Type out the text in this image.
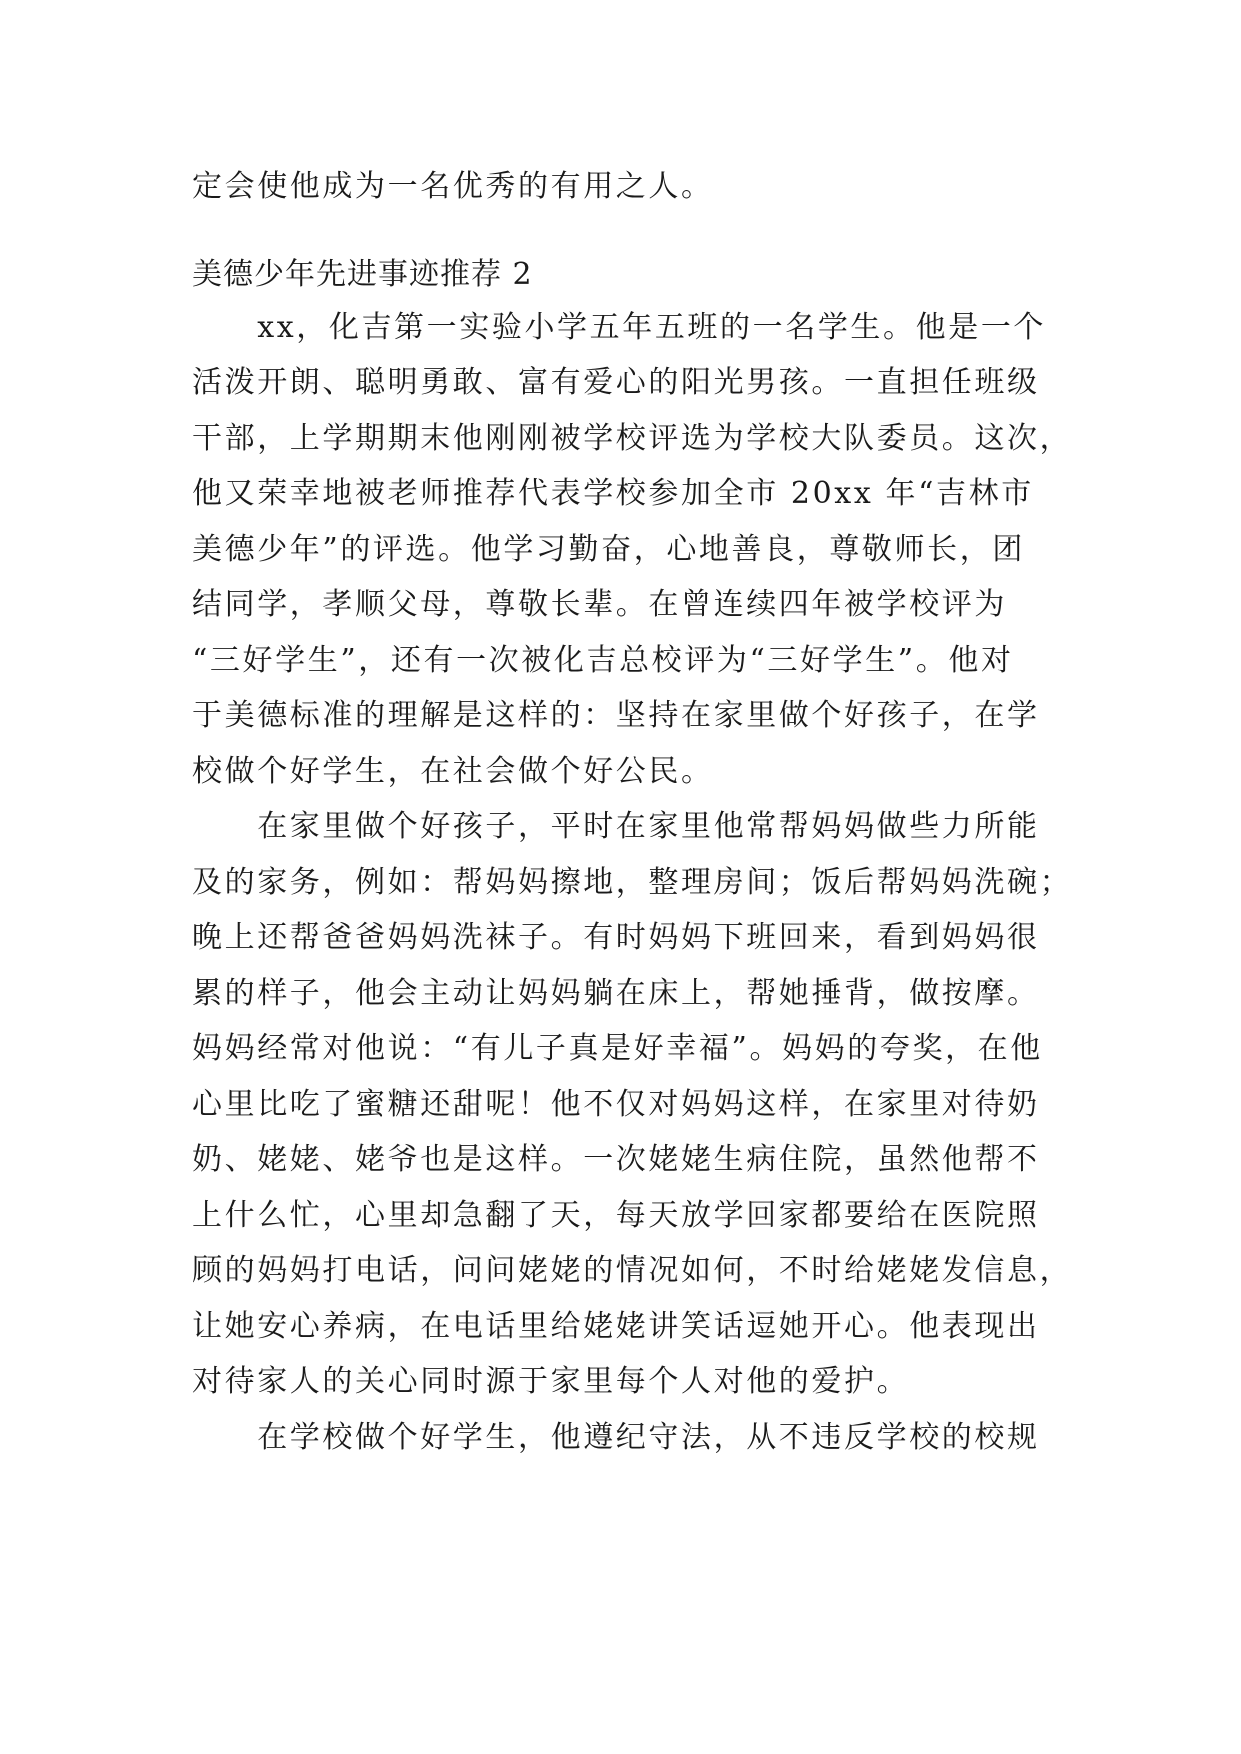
定会使他成为一名优秀的有用之人。
美德少年先进事迹推荐 2
　　xx，化吉第一实验小学五年五班的一名学生。他是一个
活泼开朗、聪明勇敢、富有爱心的阳光男孩。一直担任班级
干部，上学期期末他刚刚被学校评选为学校大队委员。这次，
他又荣幸地被老师推荐代表学校参加全市 20xx 年“吉林市
美德少年”的评选。他学习勤奋，心地善良，尊敬师长，团
结同学，孝顺父母，尊敬长辈。在曾连续四年被学校评为
“三好学生”，还有一次被化吉总校评为“三好学生”。他对
于美德标准的理解是这样的：坚持在家里做个好孩子，在学
校做个好学生，在社会做个好公民。
　　在家里做个好孩子，平时在家里他常帮妈妈做些力所能
及的家务，例如：帮妈妈擦地，整理房间；饭后帮妈妈洗碗；
晚上还帮爸爸妈妈洗袜子。有时妈妈下班回来，看到妈妈很
累的样子，他会主动让妈妈躺在床上，帮她捶背，做按摩。
妈妈经常对他说：“有儿子真是好幸福”。妈妈的夸奖，在他
心里比吃了蜜糖还甜呢！他不仅对妈妈这样，在家里对待奶
奶、姥姥、姥爷也是这样。一次姥姥生病住院，虽然他帮不
上什么忙，心里却急翻了天，每天放学回家都要给在医院照
顾的妈妈打电话，问问姥姥的情况如何，不时给姥姥发信息，
让她安心养病，在电话里给姥姥讲笑话逗她开心。他表现出
对待家人的关心同时源于家里每个人对他的爱护。
　　在学校做个好学生，他遵纪守法，从不违反学校的校规
